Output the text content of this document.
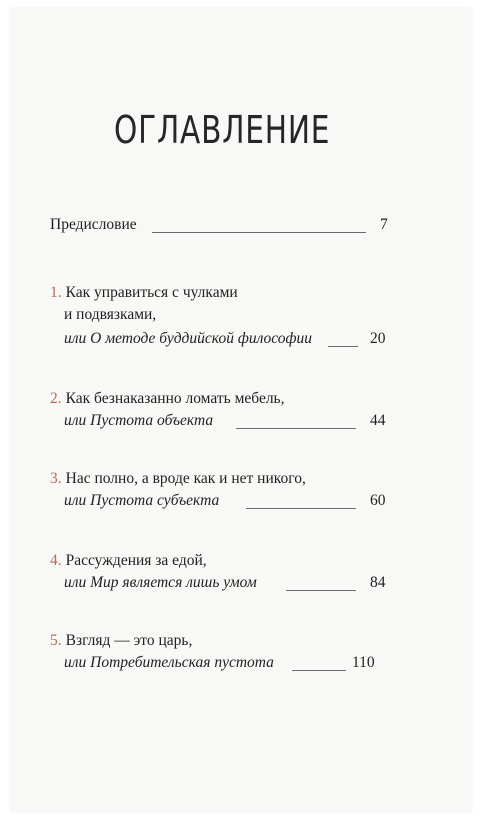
ОГЛАВЛЕНИЕ
Предисловие	7
1. Как управиться с чулками
и подвязками,
или О методе буддийской философии	20
2. Как безнаказанно ломать мебель,
или Пустота объекта	44
3. Нас полно, а вроде как и нет никого,
или Пустота субъекта	60
4. Рассуждения за едой,
или Мир является лишь умом	84
5. Взгляд — это царь,
или Потребительская пустота	110
